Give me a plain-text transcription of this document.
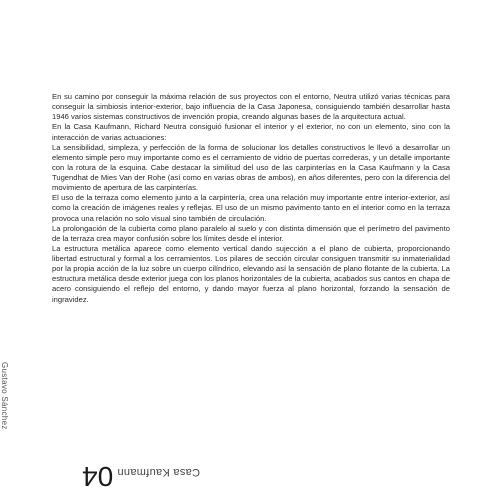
En su camino por conseguir la máxima relación de sus proyectos con el entorno, Neutra utilizó varias técnicas para conseguir la simbiosis interior-exterior, bajo influencia de la Casa Japonesa, consiguiendo también desarrollar hasta 1946 varios sistemas constructivos de invención propia, creando algunas bases de la arquitectura actual.

En la Casa Kaufmann, Richard Neutra consiguió fusionar el interior y el exterior, no con un elemento, sino con la interacción de varias actuaciones:

La sensibilidad, simpleza, y perfección de la forma de solucionar los detalles constructivos le llevó a desarrollar un elemento simple pero muy importante como es el cerramiento de vidrio de puertas correderas, y un detalle importante con la rotura de la esquina. Cabe destacar la similitud del uso de las carpinterías en la Casa Kaufmann y la Casa Tugendhat de Mies Van der Rohe (así como en varias obras de ambos), en años diferentes, pero con la diferencia del movimiento de apertura de las carpinterías.

El uso de la terraza como elemento junto a la carpintería, crea una relación muy importante entre interior-exterior, así como la creación de imágenes reales y reflejas. El uso de un mismo pavimento tanto en el interior como en la terraza provoca una relación no solo visual sino también de circulación.

La prolongación de la cubierta como plano paralelo al suelo y con distinta dimensión que el perímetro del pavimento de la terraza crea mayor confusión sobre los límites desde el interior.

La estructura metálica aparece como elemento vertical dando sujección a el plano de cubierta, proporcionando libertad estructural y formal a los cerramientos. Los pilares de sección circular consiguen transmitir su inmaterialidad por la propia acción de la luz sobre un cuerpo cilíndrico, elevando así la sensación de plano flotante de la cubierta. La estructura metálica desde exterior juega con los planos horizontales de la cubierta, acabados sus cantos en chapa de acero consiguiendo el reflejo del entorno, y dando mayor fuerza al plano horizontal, forzando la sensación de ingravidez.

Gustavo Sánchez
04 Casa Kaufmann
